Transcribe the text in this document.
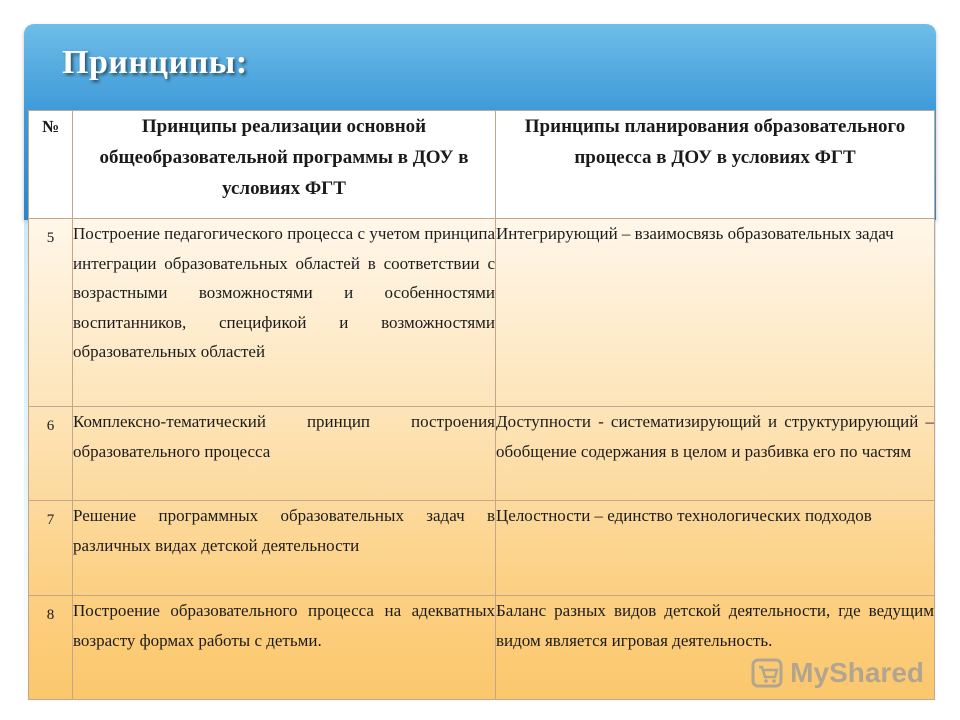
Принципы:
№	Принципы реализации основной общеобразовательной программы в ДОУ в условиях ФГТ	Принципы планирования образовательного процесса в ДОУ в условиях ФГТ
5	Построение педагогического процесса с учетом принципа интеграции образовательных областей в соответствии с возрастными возможностями и особенностями воспитанников, спецификой и возможностями образовательных областей	Интегрирующий – взаимосвязь образовательных задач
6	Комплексно-тематический принцип построения образовательного процесса	Доступности - систематизирующий и структурирующий – обобщение содержания в целом и разбивка его по частям
7	Решение программных образовательных задач в различных видах детской деятельности	Целостности – единство технологических подходов
8	Построение образовательного процесса на адекватных возрасту формах работы с детьми.	Баланс разных видов детской деятельности, где ведущим видом является игровая деятельность.
MyShared
